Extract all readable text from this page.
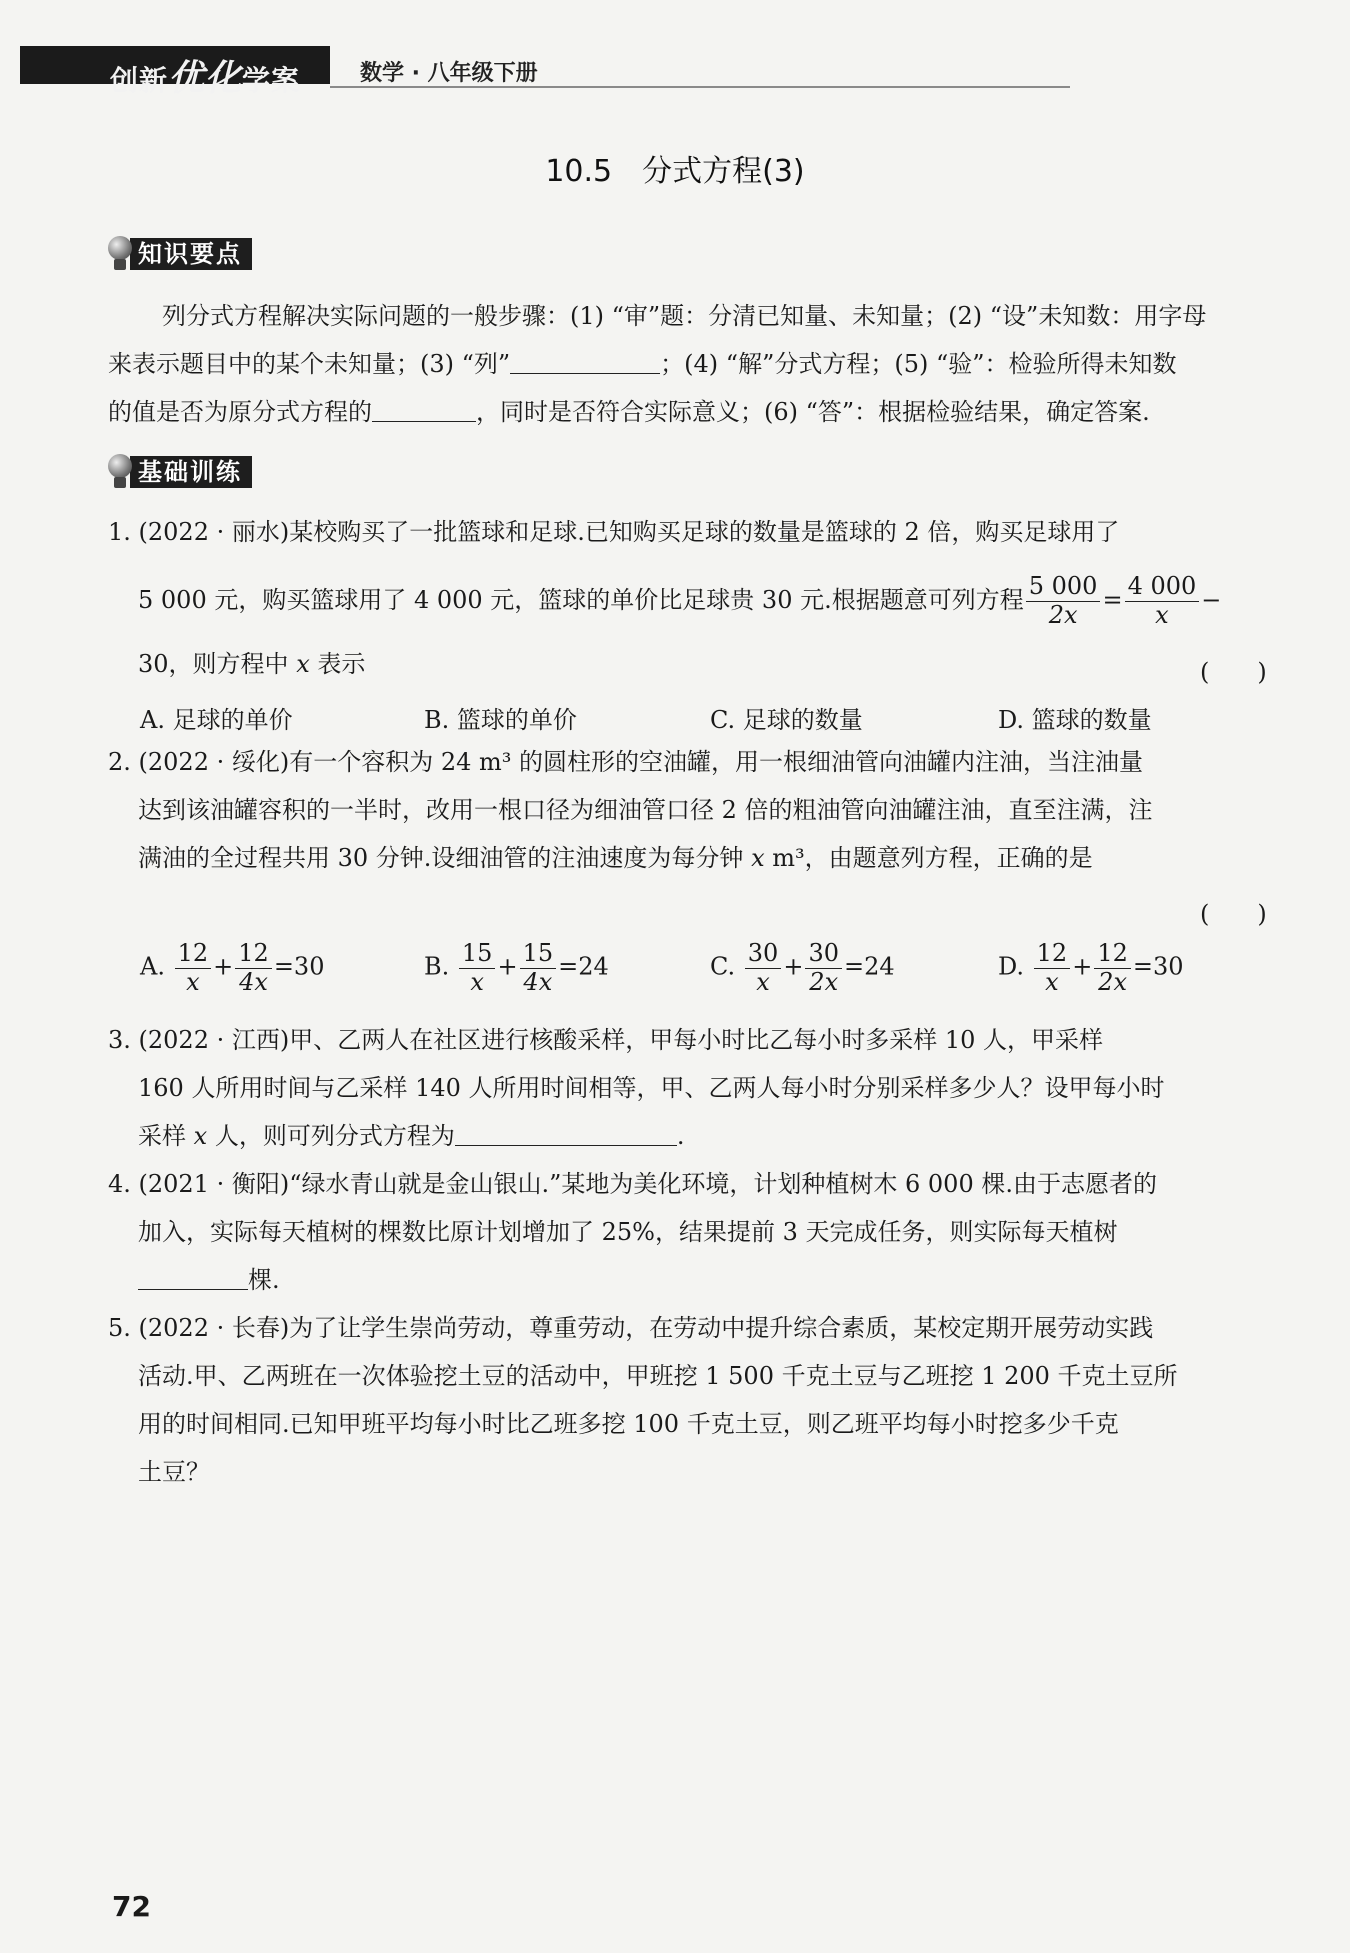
创新优化学案	数学 · 八年级下册
10.5　分式方程(3)
知识要点
列分式方程解决实际问题的一般步骤：(1) “审”题：分清已知量、未知量；(2) “设”未知数：用字母
来表示题目中的某个未知量；(3) “列”	；(4) “解”分式方程；(5) “验”：检验所得未知数
的值是否为原分式方程的	，同时是否符合实际意义；(6) “答”：根据检验结果，确定答案.
基础训练
1. (2022 · 丽水)某校购买了一批篮球和足球.已知购买足球的数量是篮球的 2 倍，购买足球用了
5 000 元，购买篮球用了 4 000 元，篮球的单价比足球贵 30 元.根据题意可列方程 $\frac{5 000}{2x} = \frac{4 000}{x}$ −
30，则方程中 x 表示	(　　)
A. 足球的单价	B. 篮球的单价	C. 足球的数量	D. 篮球的数量
2. (2022 · 绥化)有一个容积为 24 m³ 的圆柱形的空油罐，用一根细油管向油罐内注油，当注油量
达到该油罐容积的一半时，改用一根口径为细油管口径 2 倍的粗油管向油罐注油，直至注满，注
满油的全过程共用 30 分钟.设细油管的注油速度为每分钟 x m³，由题意列方程，正确的是
(　　)
A. $\frac{12}{x} + \frac{12}{4x} =30$	B. $\frac{15}{x} + \frac{15}{4x} =24$	C. $\frac{30}{x} + \frac{30}{2x} =24$	D. $\frac{12}{x} + \frac{12}{2x} =30$
3. (2022 · 江西)甲、乙两人在社区进行核酸采样，甲每小时比乙每小时多采样 10 人，甲采样
160 人所用时间与乙采样 140 人所用时间相等，甲、乙两人每小时分别采样多少人？设甲每小时
采样 x 人，则可列分式方程为	.
4. (2021 · 衡阳)“绿水青山就是金山银山.”某地为美化环境，计划种植树木 6 000 棵.由于志愿者的
加入，实际每天植树的棵数比原计划增加了 25%，结果提前 3 天完成任务，则实际每天植树
棵.
5. (2022 · 长春)为了让学生崇尚劳动，尊重劳动，在劳动中提升综合素质，某校定期开展劳动实践
活动.甲、乙两班在一次体验挖土豆的活动中，甲班挖 1 500 千克土豆与乙班挖 1 200 千克土豆所
用的时间相同.已知甲班平均每小时比乙班多挖 100 千克土豆，则乙班平均每小时挖多少千克
土豆？
72
